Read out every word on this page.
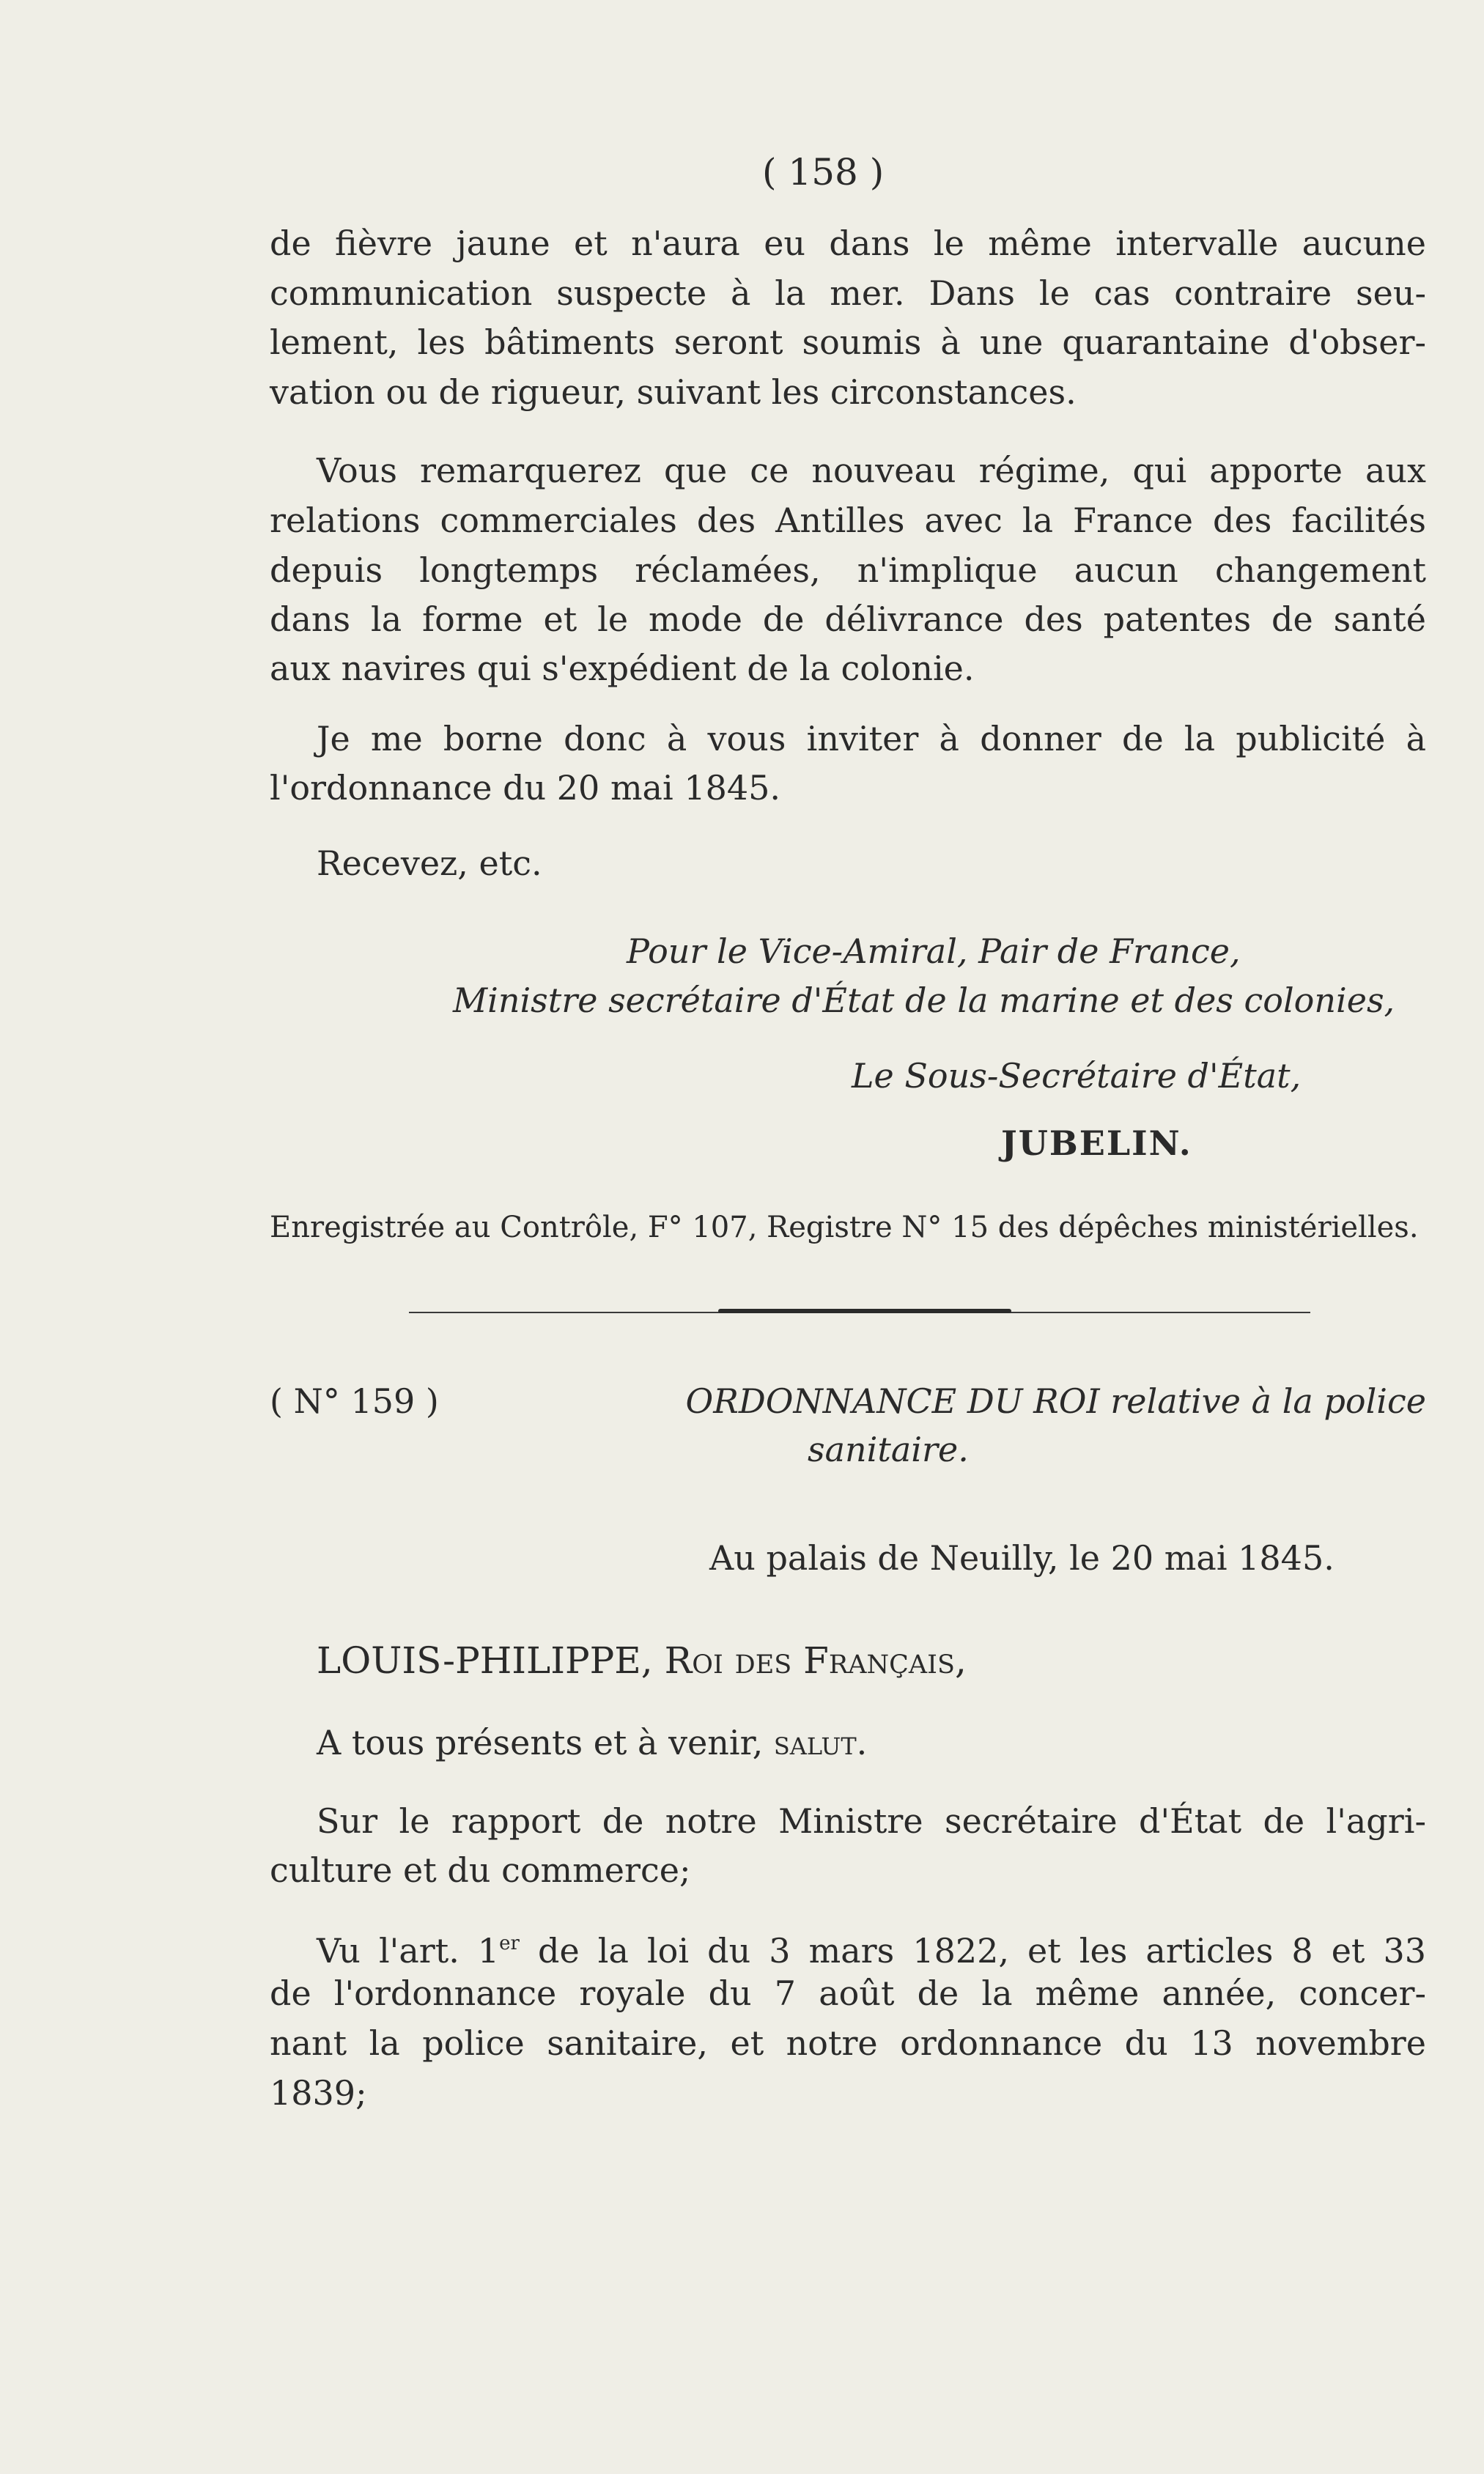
( 158 )
de fièvre jaune et n'aura eu dans le même intervalle aucune
communication suspecte à la mer. Dans le cas contraire seu-
lement, les bâtiments seront soumis à une quarantaine d'obser-
vation ou de rigueur, suivant les circonstances.
Vous remarquerez que ce nouveau régime, qui apporte aux
relations commerciales des Antilles avec la France des facilités
depuis longtemps réclamées, n'implique aucun changement
dans la forme et le mode de délivrance des patentes de santé
aux navires qui s'expédient de la colonie.
Je me borne donc à vous inviter à donner de la publicité à
l'ordonnance du 20 mai 1845.
Recevez, etc.
Pour le Vice-Amiral, Pair de France,
Ministre secrétaire d'État de la marine et des colonies,
Le Sous-Secrétaire d'État,
JUBELIN.
Enregistrée au Contrôle, F° 107, Registre N° 15 des dépêches ministérielles.
( N° 159 )	ORDONNANCE DU ROI relative à la police
sanitaire.
Au palais de Neuilly, le 20 mai 1845.
LOUIS-PHILIPPE, Roi des Français,
A tous présents et à venir, salut.
Sur le rapport de notre Ministre secrétaire d'État de l'agri-
culture et du commerce;
Vu l'art. 1er de la loi du 3 mars 1822, et les articles 8 et 33
de l'ordonnance royale du 7 août de la même année, concer-
nant la police sanitaire, et notre ordonnance du 13 novembre
1839;
